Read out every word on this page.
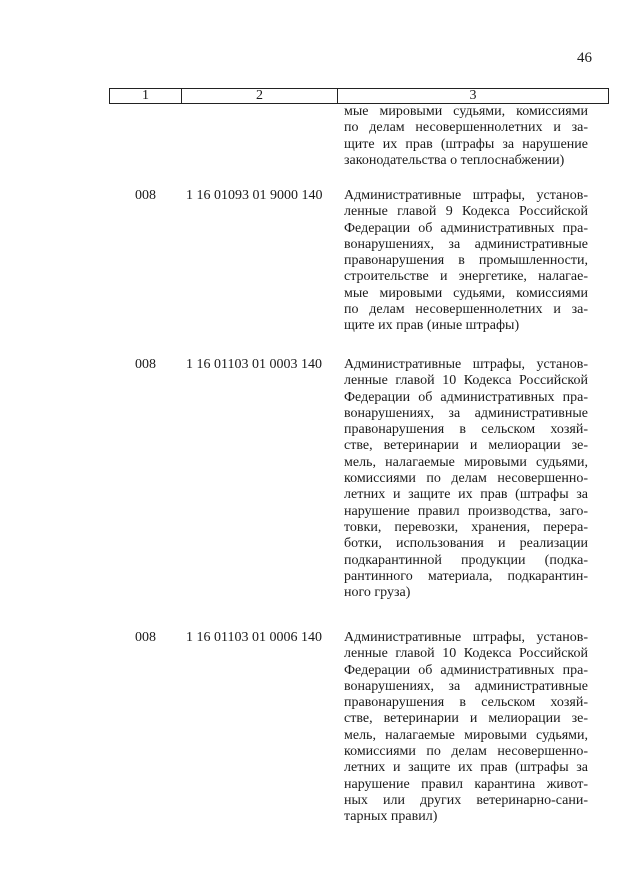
46
1	2	3
мые мировыми судьями, комиссиями
по делам несовершеннолетних и за-
щите их прав (штрафы за нарушение
законодательства о теплоснабжении)
008 1 16 01093 01 9000 140 Административные штрафы, установ-
ленные главой 9 Кодекса Российской
Федерации об административных пра-
вонарушениях, за административные
правонарушения в промышленности,
строительстве и энергетике, налагае-
мые мировыми судьями, комиссиями
по делам несовершеннолетних и за-
щите их прав (иные штрафы)
008 1 16 01103 01 0003 140 Административные штрафы, установ-
ленные главой 10 Кодекса Российской
Федерации об административных пра-
вонарушениях, за административные
правонарушения в сельском хозяй-
стве, ветеринарии и мелиорации зе-
мель, налагаемые мировыми судьями,
комиссиями по делам несовершенно-
летних и защите их прав (штрафы за
нарушение правил производства, заго-
товки, перевозки, хранения, перера-
ботки, использования и реализации
подкарантинной продукции (подка-
рантинного материала, подкарантин-
ного груза)
008 1 16 01103 01 0006 140 Административные штрафы, установ-
ленные главой 10 Кодекса Российской
Федерации об административных пра-
вонарушениях, за административные
правонарушения в сельском хозяй-
стве, ветеринарии и мелиорации зе-
мель, налагаемые мировыми судьями,
комиссиями по делам несовершенно-
летних и защите их прав (штрафы за
нарушение правил карантина живот-
ных или других ветеринарно-сани-
тарных правил)
